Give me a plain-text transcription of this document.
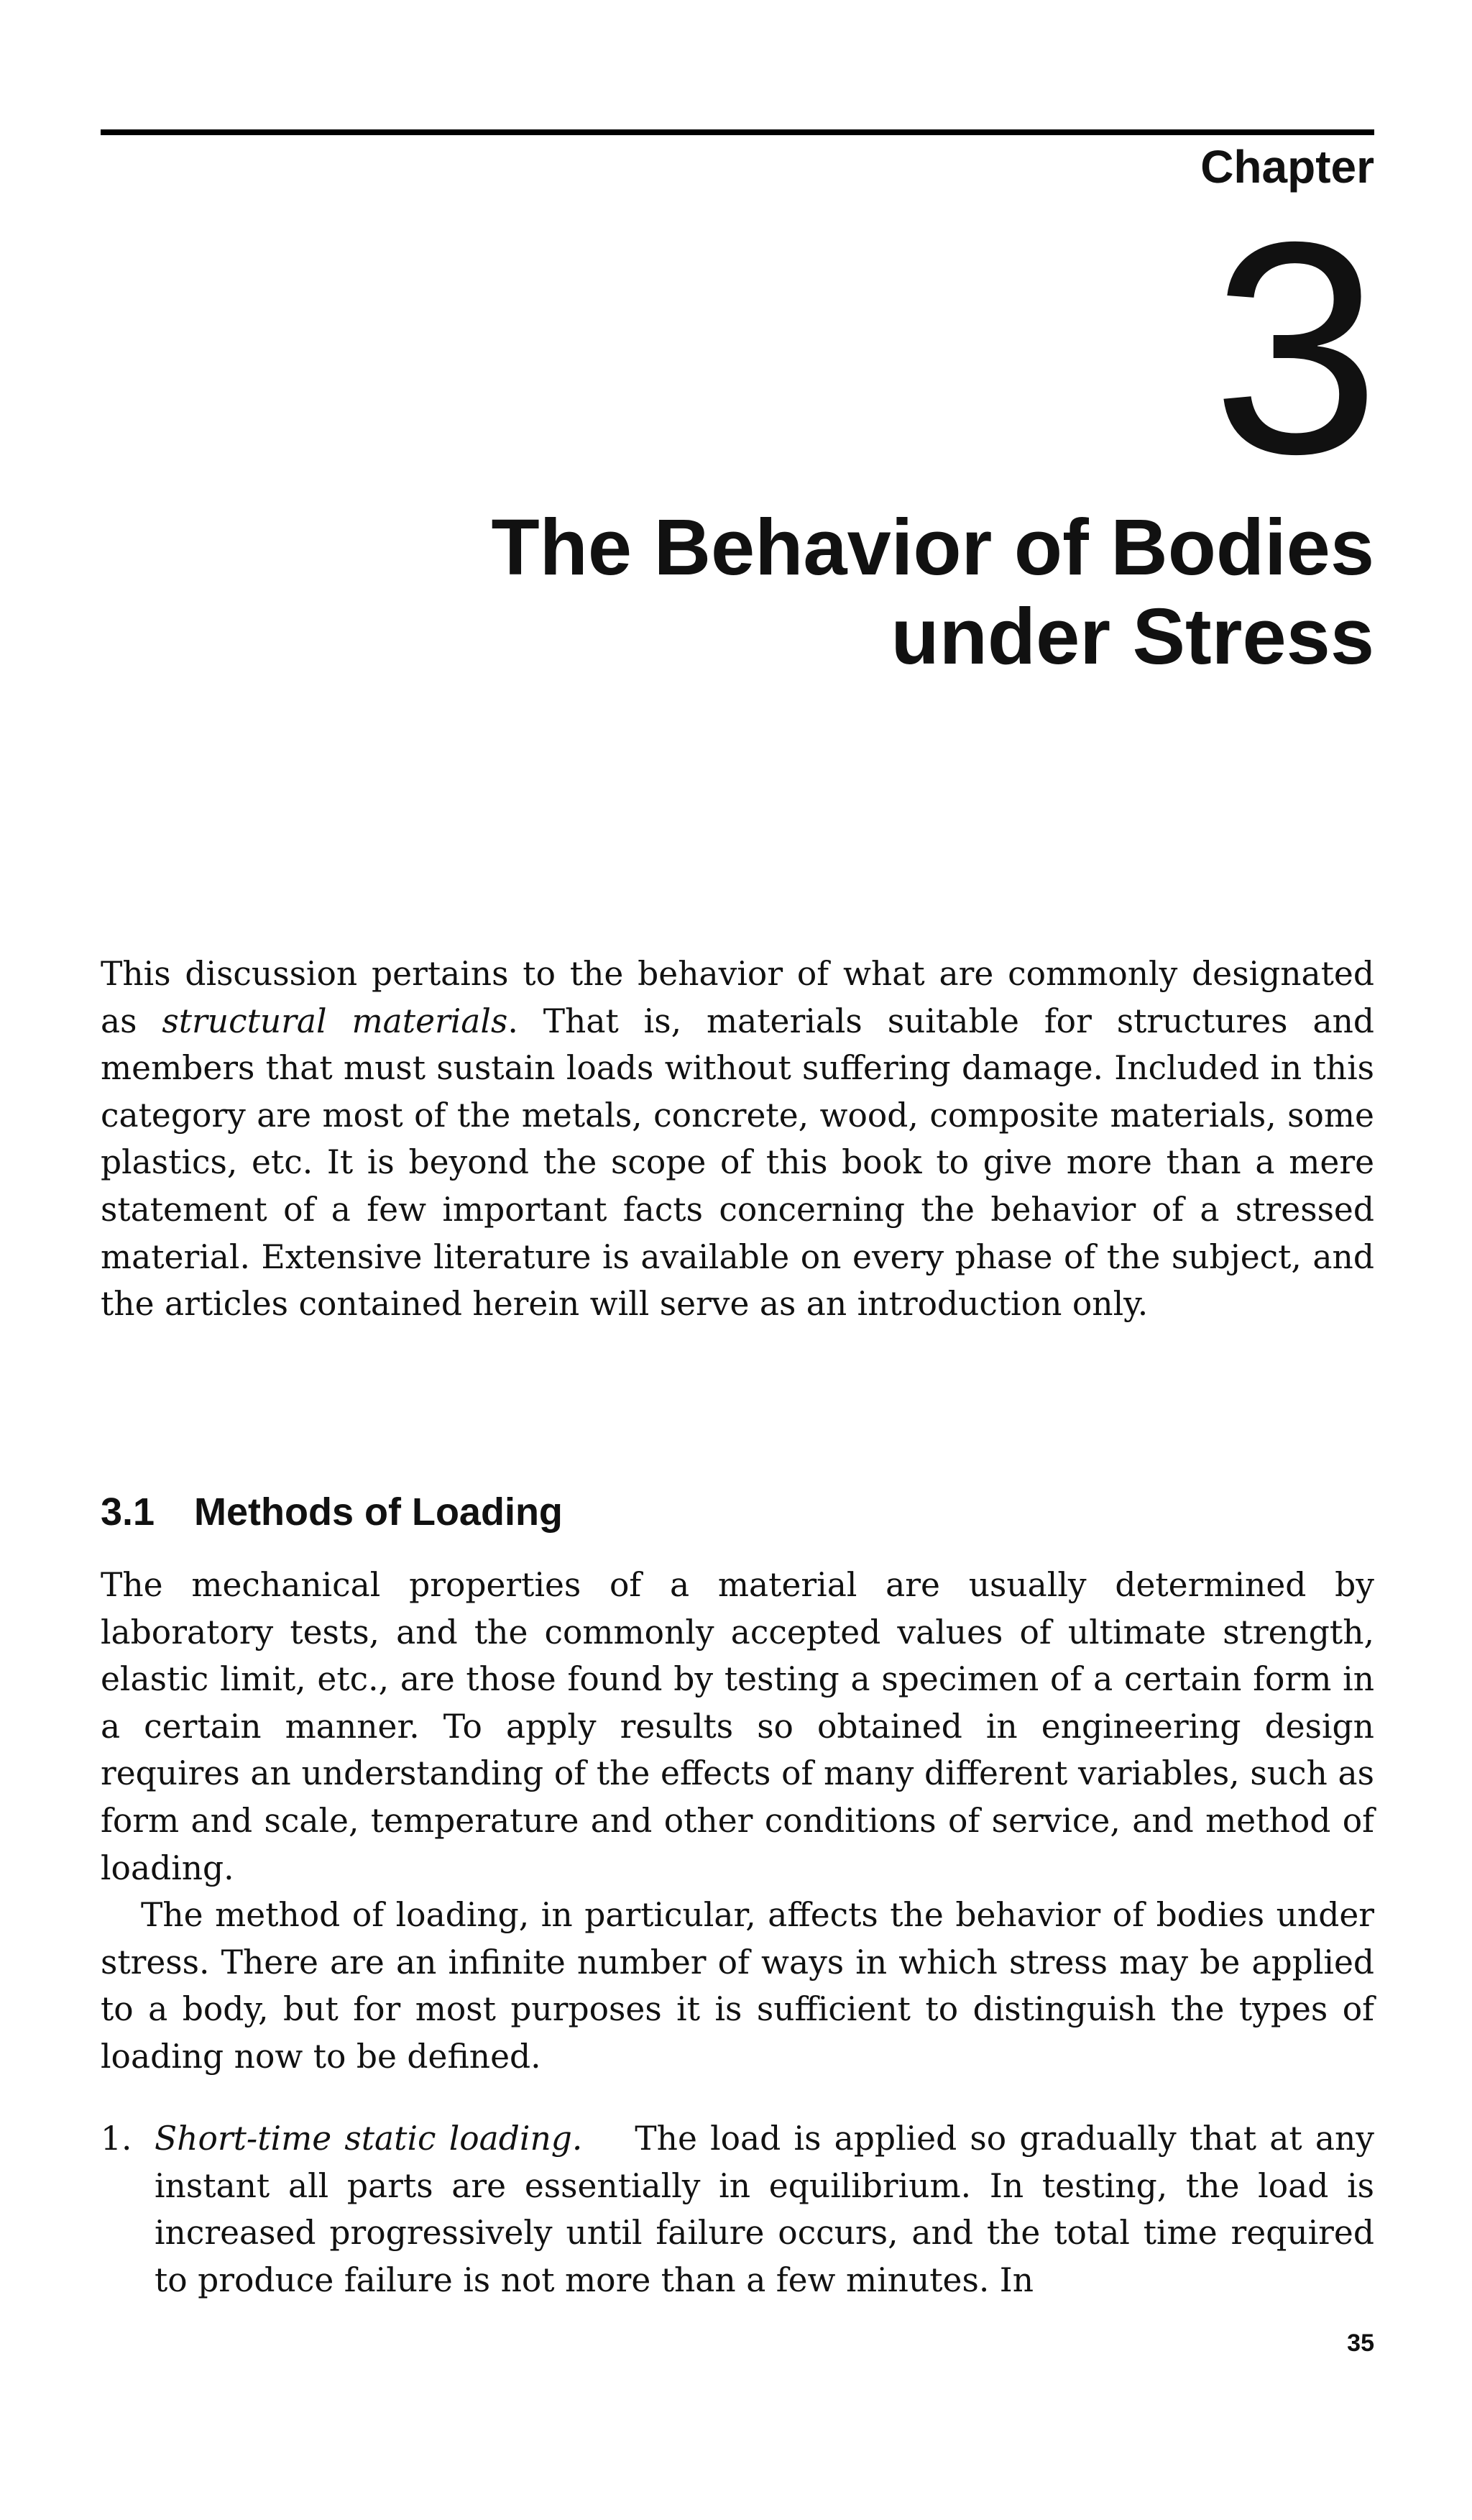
Chapter
3
The Behavior of Bodies under Stress

This discussion pertains to the behavior of what are commonly designated as structural materials. That is, materials suitable for structures and members that must sustain loads without suffering damage. Included in this category are most of the metals, concrete, wood, composite materials, some plastics, etc. It is beyond the scope of this book to give more than a mere statement of a few important facts concerning the behavior of a stressed material. Extensive literature is available on every phase of the subject, and the articles contained herein will serve as an introduction only.

3.1 Methods of Loading

The mechanical properties of a material are usually determined by laboratory tests, and the commonly accepted values of ultimate strength, elastic limit, etc., are those found by testing a specimen of a certain form in a certain manner. To apply results so obtained in engineering design requires an understanding of the effects of many different variables, such as form and scale, temperature and other conditions of service, and method of loading.

The method of loading, in particular, affects the behavior of bodies under stress. There are an infinite number of ways in which stress may be applied to a body, but for most purposes it is sufficient to distinguish the types of loading now to be defined.

1. Short-time static loading. The load is applied so gradually that at any instant all parts are essentially in equilibrium. In testing, the load is increased progressively until failure occurs, and the total time required to produce failure is not more than a few minutes. In

35
